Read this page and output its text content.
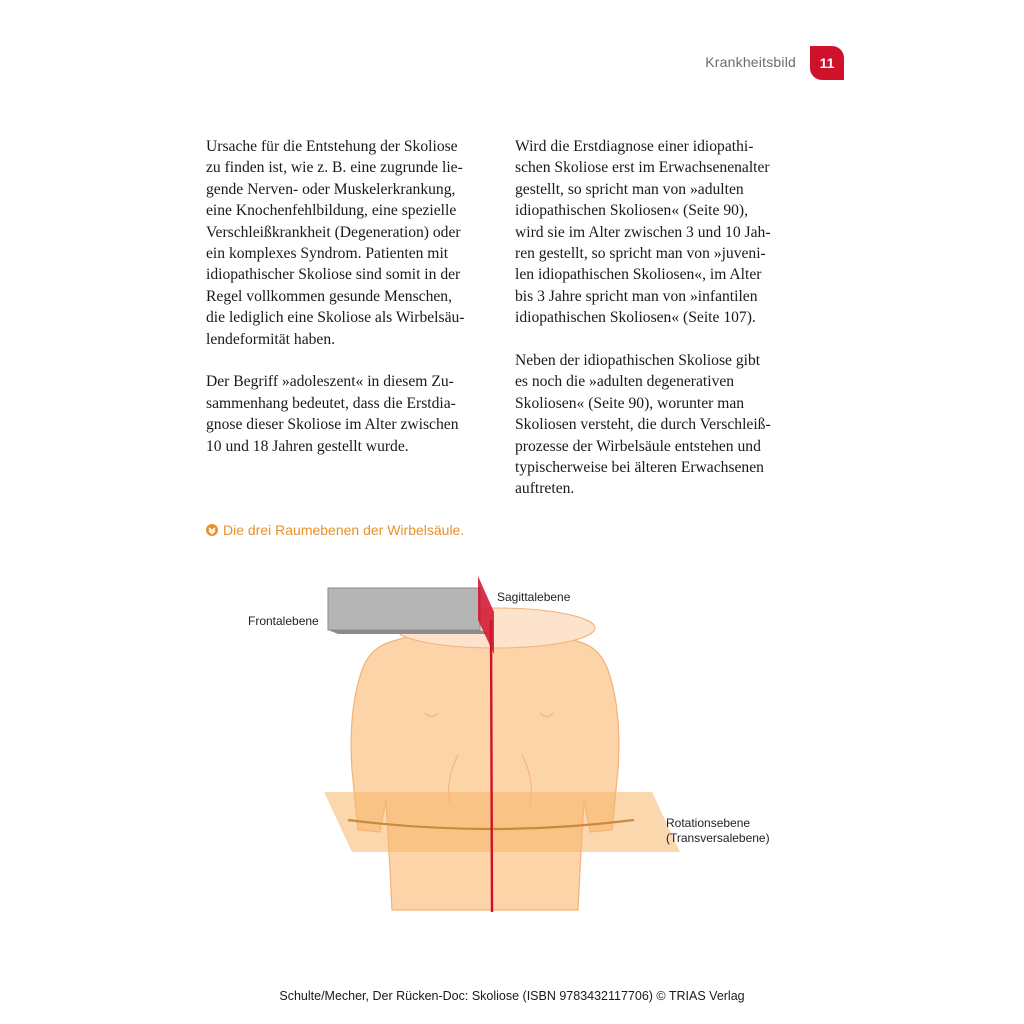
Krankheitsbild	11

Ursache für die Entstehung der Skoliose
zu finden ist, wie z. B. eine zugrunde lie-
gende Nerven- oder Muskelerkrankung,
eine Knochenfehlbildung, eine spezielle
Verschleißkrankheit (Degeneration) oder
ein komplexes Syndrom. Patienten mit
idiopathischer Skoliose sind somit in der
Regel vollkommen gesunde Menschen,
die lediglich eine Skoliose als Wirbelsäu-
lendeformität haben.

Der Begriff »adoleszent« in diesem Zu-
sammenhang bedeutet, dass die Erstdia-
gnose dieser Skoliose im Alter zwischen
10 und 18 Jahren gestellt wurde.

Wird die Erstdiagnose einer idiopathi-
schen Skoliose erst im Erwachsenenalter
gestellt, so spricht man von »adulten
idiopathischen Skoliosen« (Seite 90),
wird sie im Alter zwischen 3 und 10 Jah-
ren gestellt, so spricht man von »juveni-
len idiopathischen Skoliosen«, im Alter
bis 3 Jahre spricht man von »infantilen
idiopathischen Skoliosen« (Seite 107).

Neben der idiopathischen Skoliose gibt
es noch die »adulten degenerativen
Skoliosen« (Seite 90), worunter man
Skoliosen versteht, die durch Verschleiß-
prozesse der Wirbelsäule entstehen und
typischerweise bei älteren Erwachsenen
auftreten.

Die drei Raumebenen der Wirbelsäule.
Frontalebene
Sagittalebene
Rotationsebene
(Transversalebene)
Schulte/Mecher, Der Rücken-Doc: Skoliose (ISBN 9783432117706) © TRIAS Verlag
